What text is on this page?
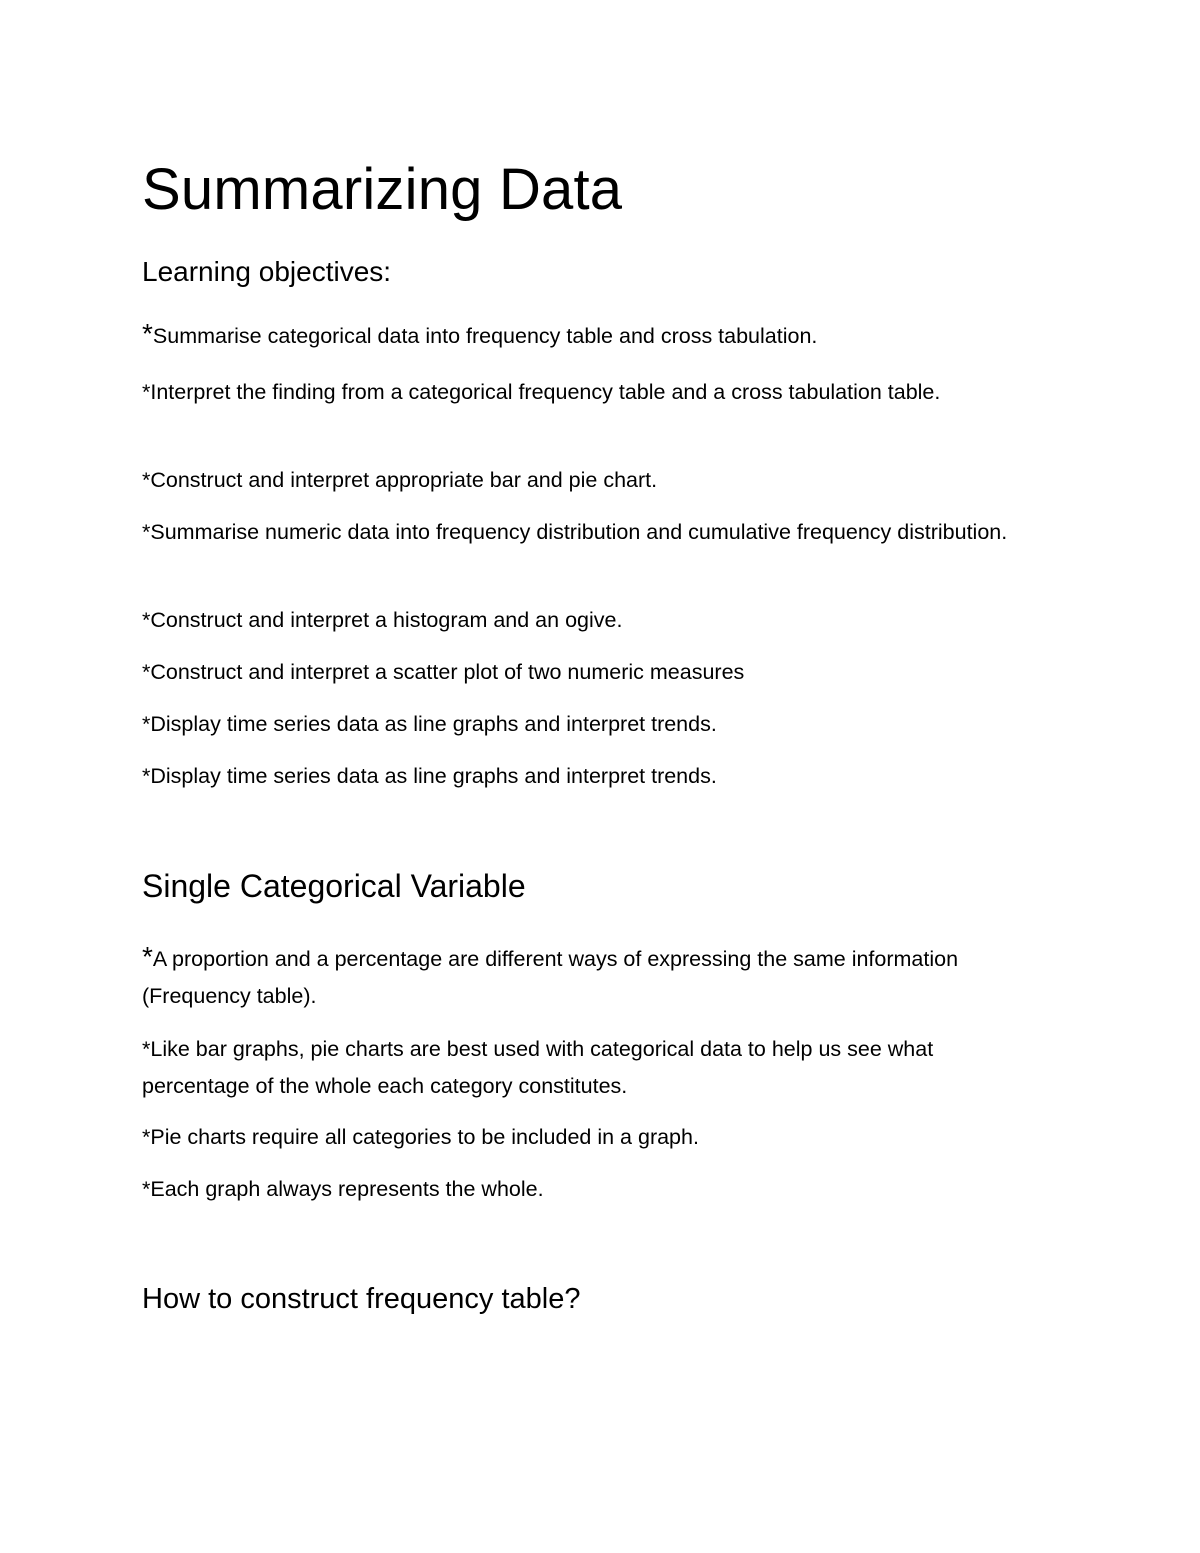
Summarizing Data
Learning objectives:

*Summarise categorical data into frequency table and cross tabulation.

*Interpret the finding from a categorical frequency table and a cross tabulation table.

*Construct and interpret appropriate bar and pie chart.

*Summarise numeric data into frequency distribution and cumulative frequency distribution.

*Construct and interpret a histogram and an ogive.

*Construct and interpret a scatter plot of two numeric measures

*Display time series data as line graphs and interpret trends.

*Display time series data as line graphs and interpret trends.

Single Categorical Variable

*A proportion and a percentage are different ways of expressing the same information (Frequency table).

*Like bar graphs, pie charts are best used with categorical data to help us see what percentage of the whole each category constitutes.

*Pie charts require all categories to be included in a graph.

*Each graph always represents the whole.

How to construct frequency table?
